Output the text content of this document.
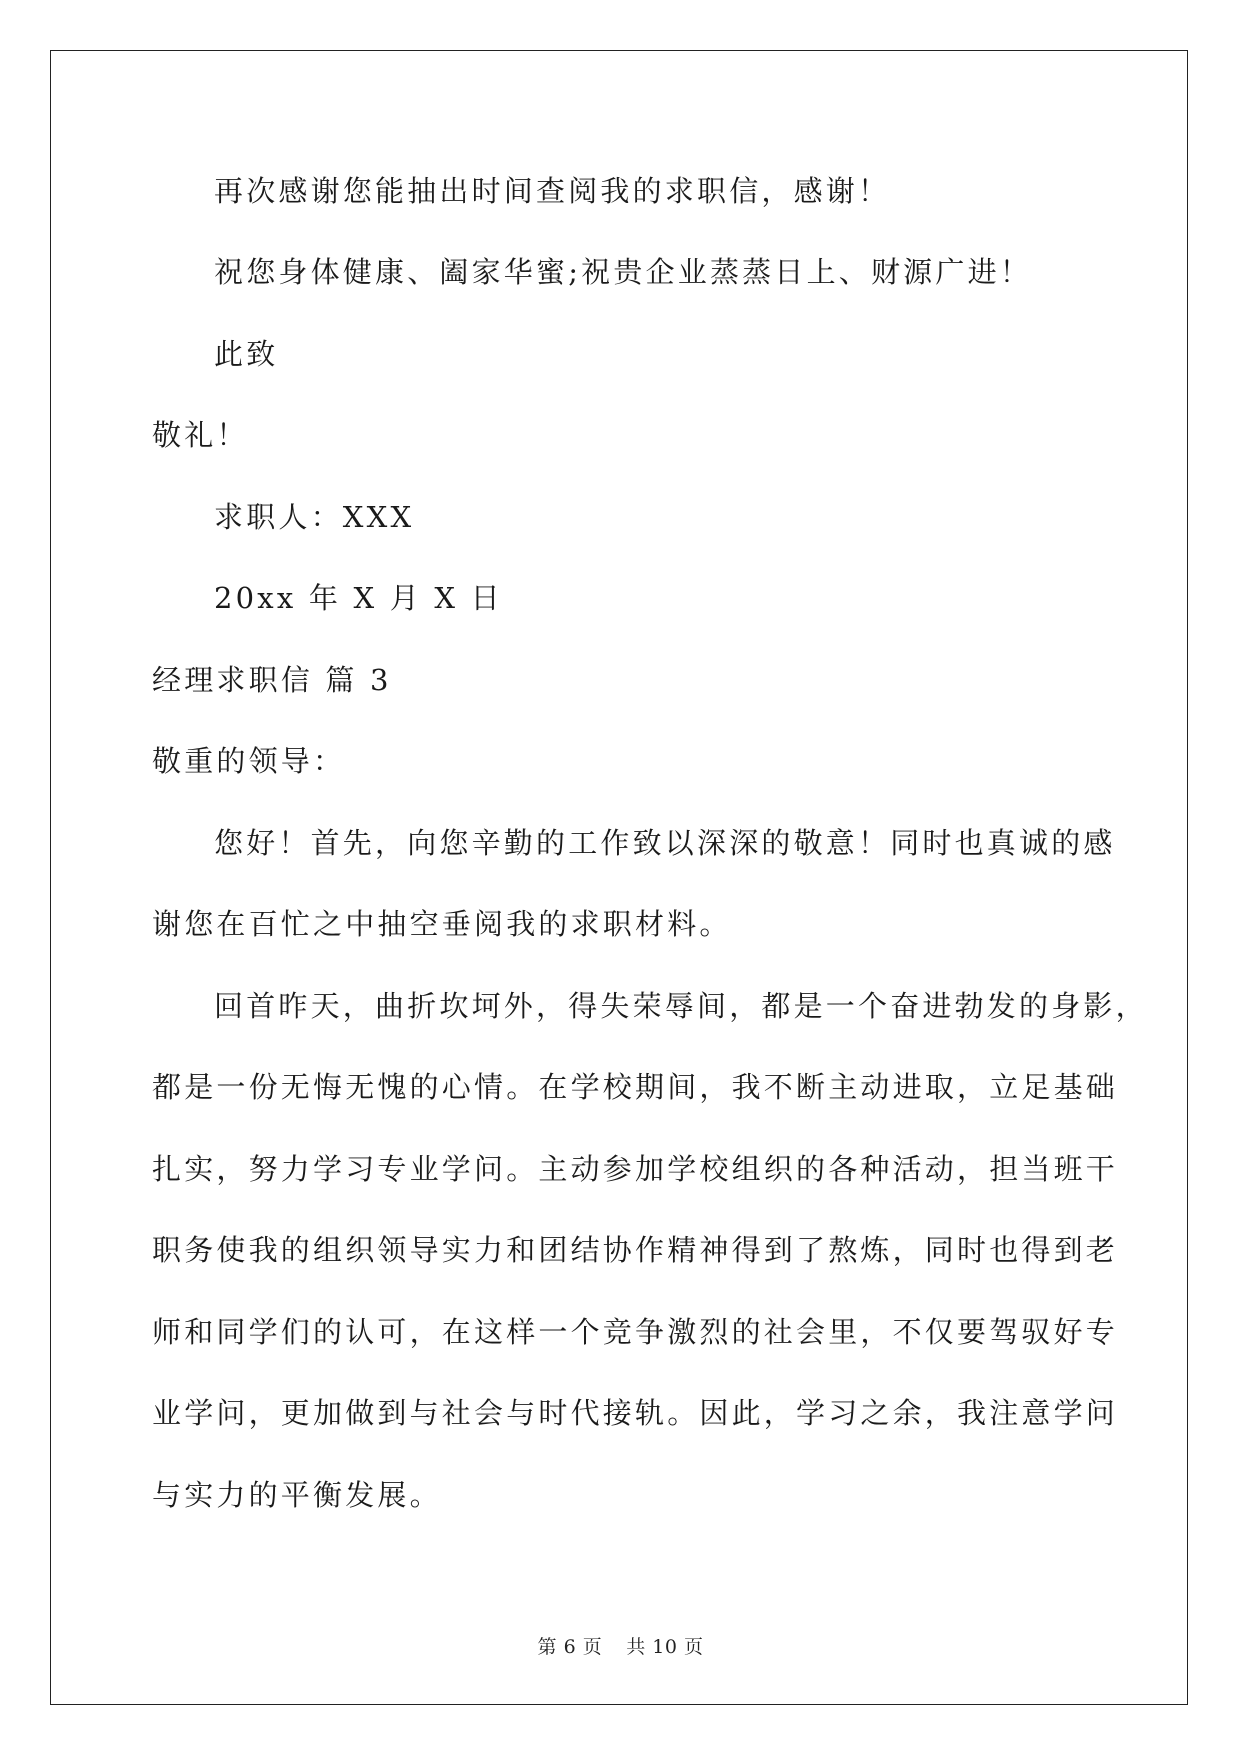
再次感谢您能抽出时间查阅我的求职信，感谢！
祝您身体健康、阖家华蜜;祝贵企业蒸蒸日上、财源广进！
此致
敬礼！
求职人：XXX
20xx 年 X 月 X 日
经理求职信 篇 3
敬重的领导：
您好！首先，向您辛勤的工作致以深深的敬意！同时也真诚的感
谢您在百忙之中抽空垂阅我的求职材料。
回首昨天，曲折坎坷外，得失荣辱间，都是一个奋进勃发的身影，
都是一份无悔无愧的心情。在学校期间，我不断主动进取，立足基础
扎实，努力学习专业学问。主动参加学校组织的各种活动，担当班干
职务使我的组织领导实力和团结协作精神得到了熬炼，同时也得到老
师和同学们的认可，在这样一个竞争激烈的社会里，不仅要驾驭好专
业学问，更加做到与社会与时代接轨。因此，学习之余，我注意学问
与实力的平衡发展。
第 6 页 共 10 页
